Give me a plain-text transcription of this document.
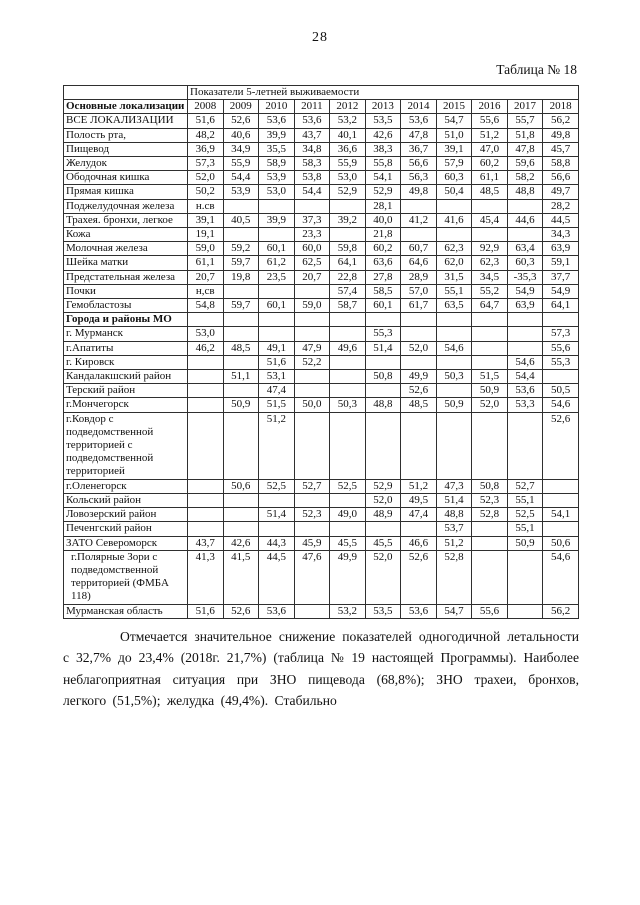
28
Таблица № 18
	Показатели 5-летней выживаемости										
Основные локализации	2008	2009	2010	2011	2012	2013	2014	2015	2016	2017	2018
ВСЕ ЛОКАЛИЗАЦИИ	51,6	52,6	53,6	53,6	53,2	53,5	53,6	54,7	55,6	55,7	56,2
Полость рта,	48,2	40,6	39,9	43,7	40,1	42,6	47,8	51,0	51,2	51,8	49,8
Пищевод	36,9	34,9	35,5	34,8	36,6	38,3	36,7	39,1	47,0	47,8	45,7
Желудок	57,3	55,9	58,9	58,3	55,9	55,8	56,6	57,9	60,2	59,6	58,8
Ободочная кишка	52,0	54,4	53,9	53,8	53,0	54,1	56,3	60,3	61,1	58,2	56,6
Прямая кишка	50,2	53,9	53,0	54,4	52,9	52,9	49,8	50,4	48,5	48,8	49,7
Поджелудочная железа	н.св					28,1					28,2
Трахея. бронхи, легкое	39,1	40,5	39,9	37,3	39,2	40,0	41,2	41,6	45,4	44,6	44,5
Кожа	19,1			23,3		21,8					34,3
Молочная железа	59,0	59,2	60,1	60,0	59,8	60,2	60,7	62,3	92,9	63,4	63,9
Шейка матки	61,1	59,7	61,2	62,5	64,1	63,6	64,6	62,0	62,3	60,3	59,1
Предстательная железа	20,7	19,8	23,5	20,7	22,8	27,8	28,9	31,5	34,5	-35,3	37,7
Почки	н,св				57,4	58,5	57,0	55,1	55,2	54,9	54,9
Гемобластозы	54,8	59,7	60,1	59,0	58,7	60,1	61,7	63,5	64,7	63,9	64,1
Города и районы МО											
г. Мурманск	53,0					55,3					57,3
г.Апатиты	46,2	48,5	49,1	47,9	49,6	51,4	52,0	54,6			55,6
г. Кировск			51,6	52,2						54,6	55,3
Кандалакшский район		51,1	53,1			50,8	49,9	50,3	51,5	54,4	
Терский район			47,4				52,6		50,9	53,6	50,5
г.Мончегорск		50,9	51,5	50,0	50,3	48,8	48,5	50,9	52,0	53,3	54,6
г.Ковдор с подведомственной территорией с подведомственной территорией			51,2								52,6
г.Оленегорск		50,6	52,5	52,7	52,5	52,9	51,2	47,3	50,8	52,7	
Кольский район						52,0	49,5	51,4	52,3	55,1	
Ловозерский район			51,4	52,3	49,0	48,9	47,4	48,8	52,8	52,5	54,1
Печенгский район								53,7		55,1	
ЗАТО Североморск	43,7	42,6	44,3	45,9	45,5	45,5	46,6	51,2		50,9	50,6
г.Полярные Зори с подведомственной территорией (ФМБА 118)	41,3	41,5	44,5	47,6	49,9	52,0	52,6	52,8			54,6
Мурманская область	51,6	52,6	53,6		53,2	53,5	53,6	54,7	55,6		56,2
Отмечается значительное снижение показателей одногодичной летальности с 32,7% до 23,4% (2018г. 21,7%) (таблица № 19 настоящей Программы). Наиболее неблагоприятная ситуация при ЗНО пищевода (68,8%); ЗНО трахеи, бронхов, легкого (51,5%); желудка (49,4%). Стабильно
